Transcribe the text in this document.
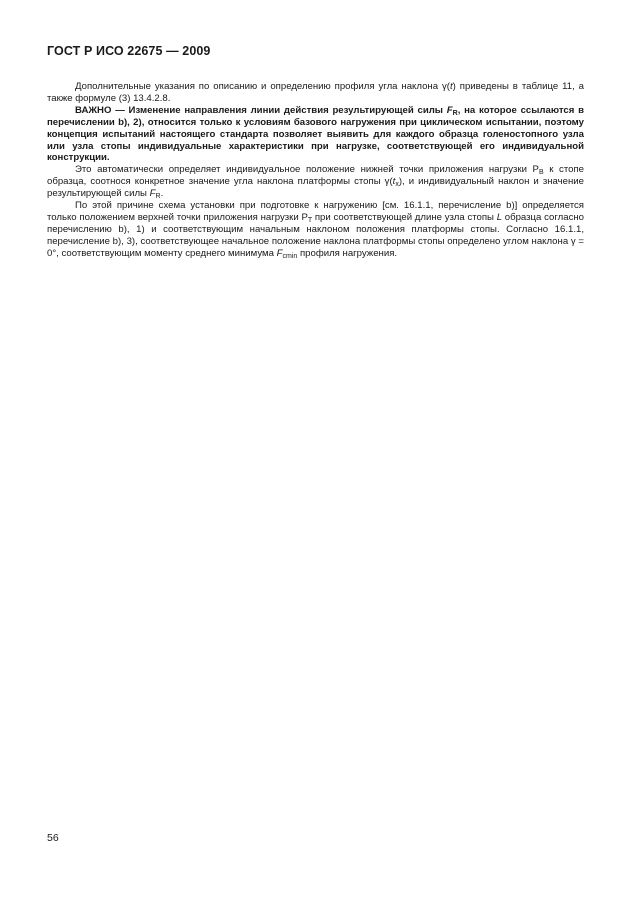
ГОСТ Р ИСО 22675 — 2009

Дополнительные указания по описанию и определению профиля угла наклона γ(t) приведены в таблице 11, а также формуле (3) 13.4.2.8.

ВАЖНО — Изменение направления линии действия результирующей силы $F_R$, на которое ссылаются в перечислении b), 2), относится только к условиям базового нагружения при циклическом испытании, поэтому концепция испытаний настоящего стандарта позволяет выявить для каждого образца голеностопного узла или узла стопы индивидуальные характеристики при нагрузке, соответствующей его индивидуальной конструкции.

Это автоматически определяет индивидуальное положение нижней точки приложения нагрузки $P_B$ к стопе образца, соотноcя конкретное значение угла наклона платформы стопы $\gamma(t_x)$, и индивидуальный наклон и значение результирующей силы $F_R$.

По этой причине схема установки при подготовке к нагружению [см. 16.1.1, перечисление b)] определяется только положением верхней точки приложения нагрузки $P_T$ при соответствующей длине узла стопы L образца согласно перечислению b), 1) и соответствующим начальным наклоном положения платформы стопы. Согласно 16.1.1, перечисление b), 3), соответствующее начальное положение наклона платформы стопы определено углом наклона γ = 0°, соответствующим моменту среднего минимума $F_{cmin}$ профиля нагружения.

56
